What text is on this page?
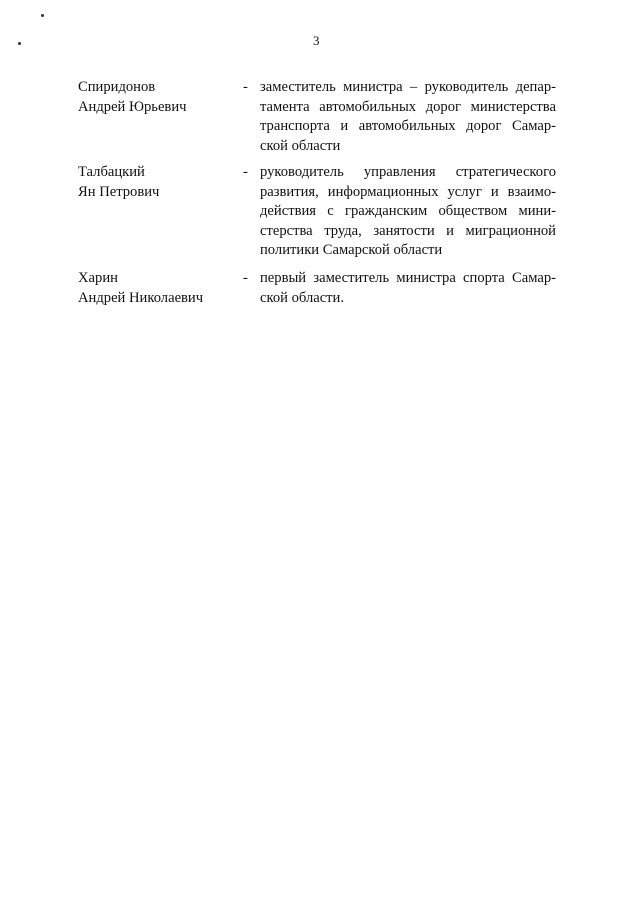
3
Спиридонов
Андрей Юрьевич
- заместитель министра – руководитель депар-
тамента автомобильных дорог министерства
транспорта и автомобильных дорог Самар-
ской области
Талбацкий
Ян Петрович
- руководитель управления стратегического
развития, информационных услуг и взаимо-
действия с гражданским обществом мини-
стерства труда, занятости и миграционной
политики Самарской области
Харин
Андрей Николаевич
- первый заместитель министра спорта Самар-
ской области.
